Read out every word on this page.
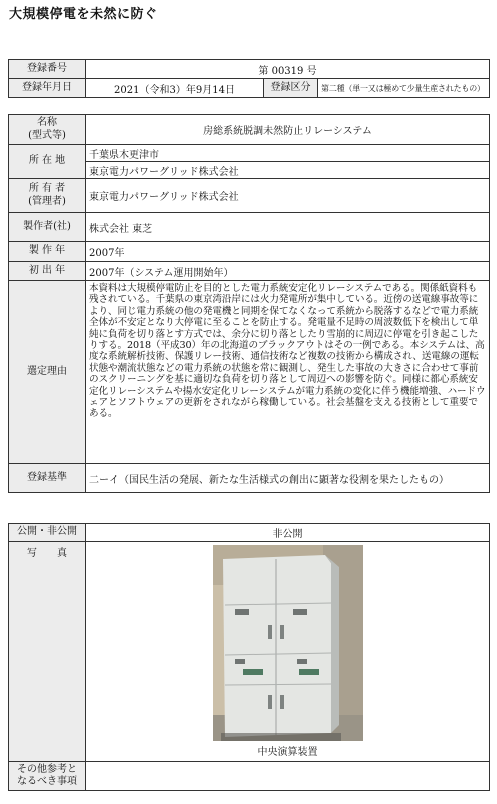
大規模停電を未然に防ぐ
登録番号	第 00319 号		
登録年月日	2021（令和3）年9月14日	登録区分	第二種（単一又は極めて少量生産されたもの）
名称
(型式等)	房総系統脱調未然防止リレーシステム
所 在 地	千葉県木更津市
	東京電力パワーグリッド株式会社

所 有 者
(管理者)	東京電力パワーグリッド株式会社
製作者(社)	株式会社 東芝
製 作 年	2007年
初 出 年	2007年（システム運用開始年）
選定理由	本資料は大規模停電防止を目的とした電力系統安定化リレーシステムである。関係紙資料も残されている。千葉県の東京湾沿岸には火力発電所が集中している。近傍の送電線事故等により、同じ電力系統の他の発電機と同期を保てなくなって系統から脱落するなどで電力系統全体が不安定となり大停電に至ることを防止する。発電量不足時の周波数低下を検出して単純に負荷を切り落とす方式では、余分に切り落としたり雪崩的に周辺に停電を引き起こしたりする。2018（平成30）年の北海道のブラックアウトはその一例である。本システムは、高度な系統解析技術、保護リレー技術、通信技術など複数の技術から構成され、送電線の運転状態や潮流状態などの電力系統の状態を常に観測し、発生した事故の大きさに合わせて事前のスクリーニングを基に適切な負荷を切り落として周辺への影響を防ぐ。同様に都心系統安定化リレーシステムや揚水安定化リレーシステムが電力系統の変化に伴う機能増強、ハードウェアとソフトウェアの更新をされながら稼働している。社会基盤を支える技術として重要である。
登録基準	二ーイ（国民生活の発展、新たな生活様式の創出に顕著な役割を果たしたもの）
公開・非公開	非公開
写　　真	中央演算装置

その他参考と
なるべき事項	
